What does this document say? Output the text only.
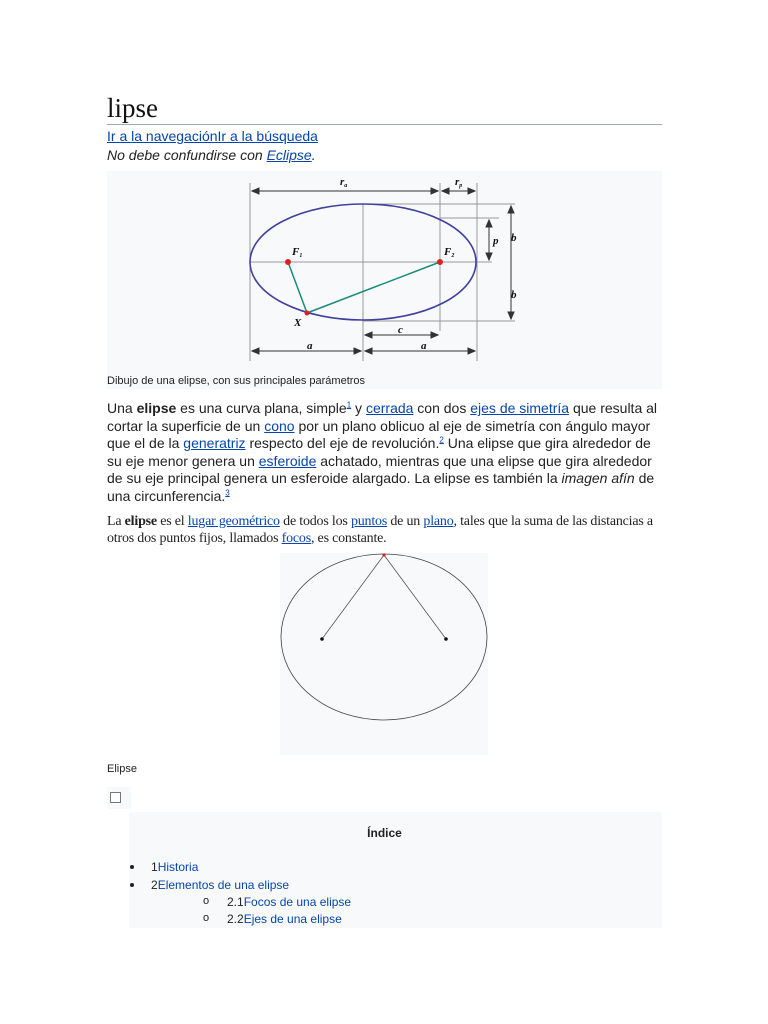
lipse
Ir a la navegaciónIr a la búsqueda
No debe confundirse con Eclipse.
ra	rp
p b
b
F1	F2
X
c
a	a
Dibujo de una elipse, con sus principales parámetros
Una elipse es una curva plana, simple$^1$ y cerrada con dos ejes de simetría que resulta al cortar la superficie de un cono por un plano oblicuo al eje de simetría con ángulo mayor que el de la generatriz respecto del eje de revolución.$^2$ Una elipse que gira alrededor de su eje menor genera un esferoide achatado, mientras que una elipse que gira alrededor de su eje principal genera un esferoide alargado. La elipse es también la imagen afín de una circunferencia.$^3$
La elipse es el lugar geométrico de todos los puntos de un plano, tales que la suma de las distancias a otros dos puntos fijos, llamados focos, es constante.
Elipse
Índice
1Historia
2Elementos de una elipse
o 2.1Focos de una elipse
o 2.2Ejes de una elipse
